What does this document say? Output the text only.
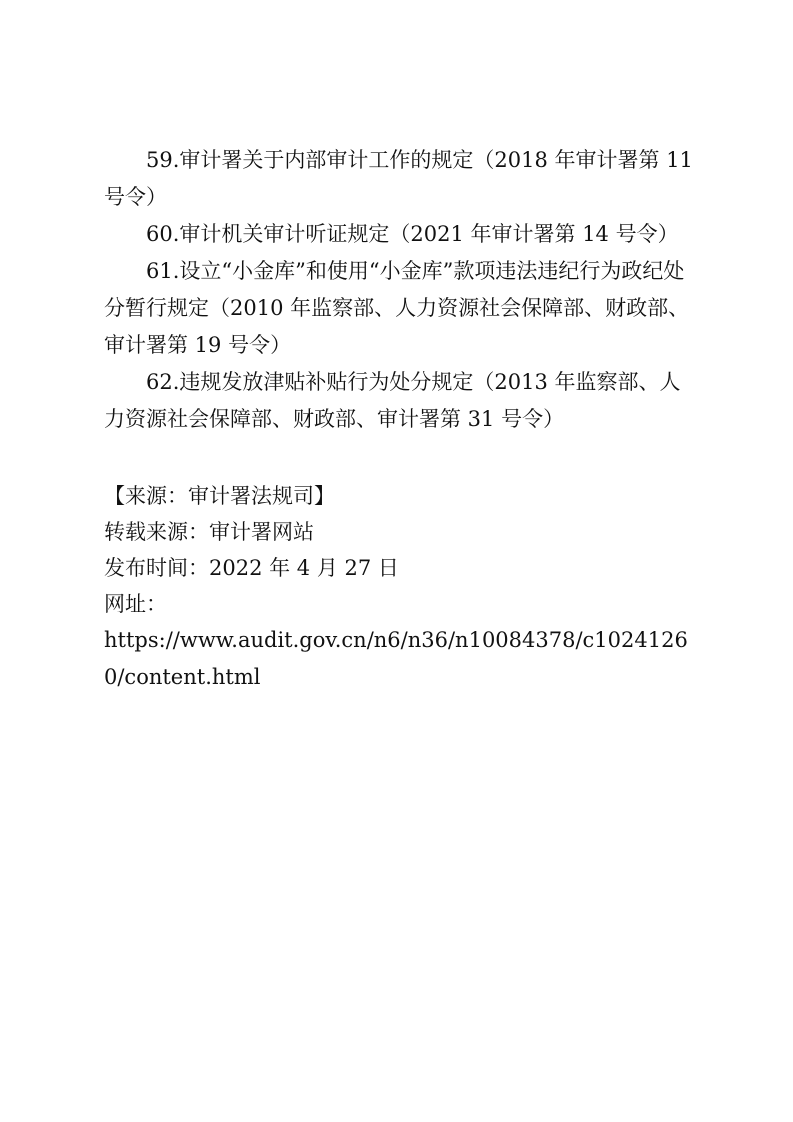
59.审计署关于内部审计工作的规定（2018 年审计署第 11 号令）

60.审计机关审计听证规定（2021 年审计署第 14 号令）

61.设立“小金库”和使用“小金库”款项违法违纪行为政纪处分暂行规定（2010 年监察部、人力资源社会保障部、财政部、审计署第 19 号令）

62.违规发放津贴补贴行为处分规定（2013 年监察部、人力资源社会保障部、财政部、审计署第 31 号令）

【来源：审计署法规司】

转载来源：审计署网站

发布时间：2022 年 4 月 27 日

网址：

https://www.audit.gov.cn/n6/n36/n10084378/c10241260/content.html
